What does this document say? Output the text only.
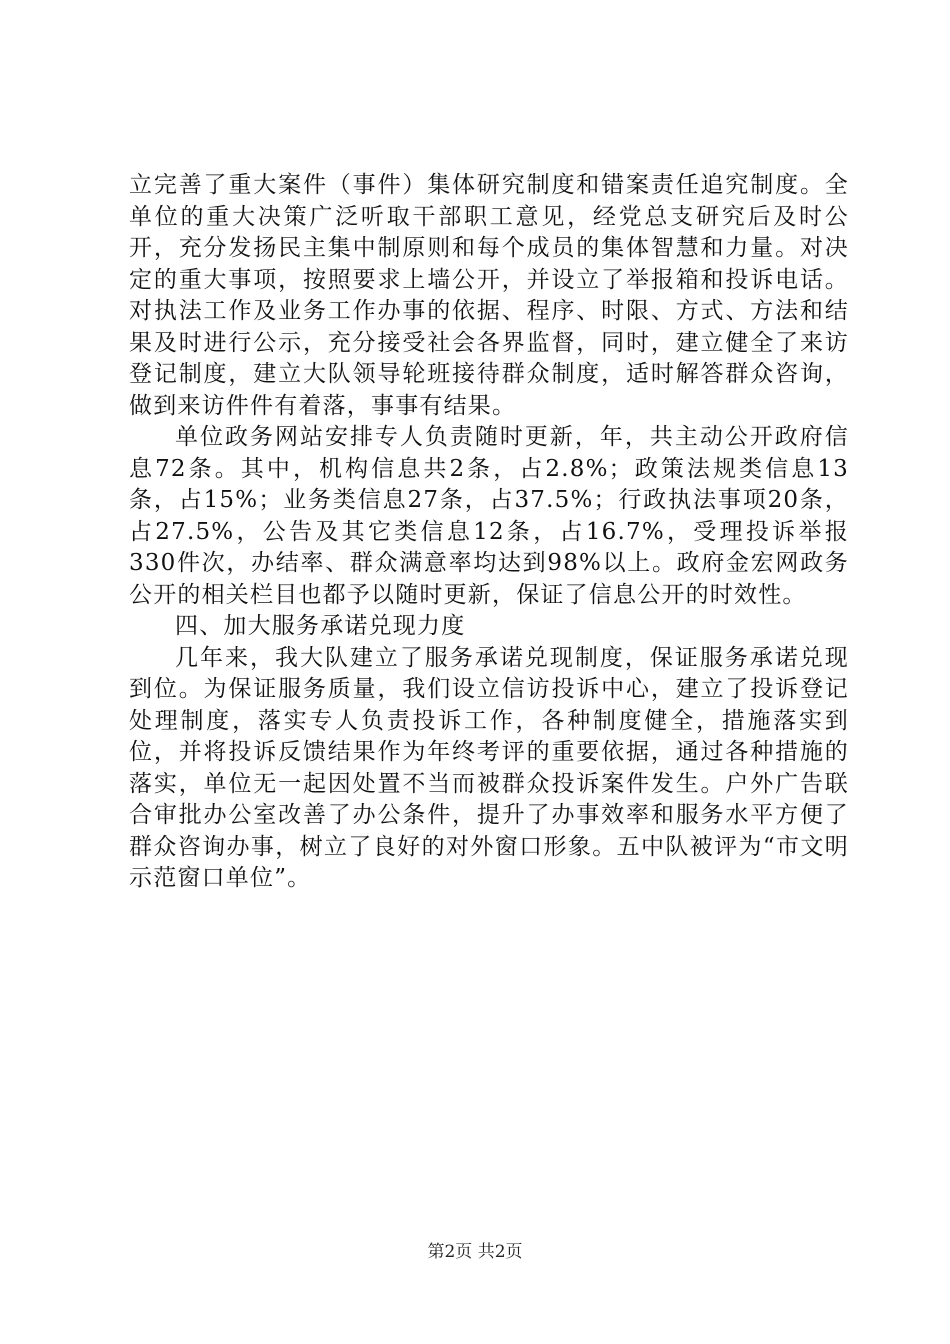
立完善了重大案件（事件）集体研究制度和错案责任追究制度。全单位的重大决策广泛听取干部职工意见，经党总支研究后及时公开，充分发扬民主集中制原则和每个成员的集体智慧和力量。对决定的重大事项，按照要求上墙公开，并设立了举报箱和投诉电话。对执法工作及业务工作办事的依据、程序、时限、方式、方法和结果及时进行公示，充分接受社会各界监督，同时，建立健全了来访登记制度，建立大队领导轮班接待群众制度，适时解答群众咨询，做到来访件件有着落，事事有结果。

单位政务网站安排专人负责随时更新，年，共主动公开政府信息72条。其中，机构信息共2条，占2.8%；政策法规类信息13条，占15%；业务类信息27条，占37.5%；行政执法事项20条，占27.5%，公告及其它类信息12条，占16.7%，受理投诉举报330件次，办结率、群众满意率均达到98%以上。政府金宏网政务公开的相关栏目也都予以随时更新，保证了信息公开的时效性。

四、加大服务承诺兑现力度

几年来，我大队建立了服务承诺兑现制度，保证服务承诺兑现到位。为保证服务质量，我们设立信访投诉中心，建立了投诉登记处理制度，落实专人负责投诉工作，各种制度健全，措施落实到位，并将投诉反馈结果作为年终考评的重要依据，通过各种措施的落实，单位无一起因处置不当而被群众投诉案件发生。户外广告联合审批办公室改善了办公条件，提升了办事效率和服务水平方便了群众咨询办事，树立了良好的对外窗口形象。五中队被评为“市文明示范窗口单位”。

第2页 共2页
